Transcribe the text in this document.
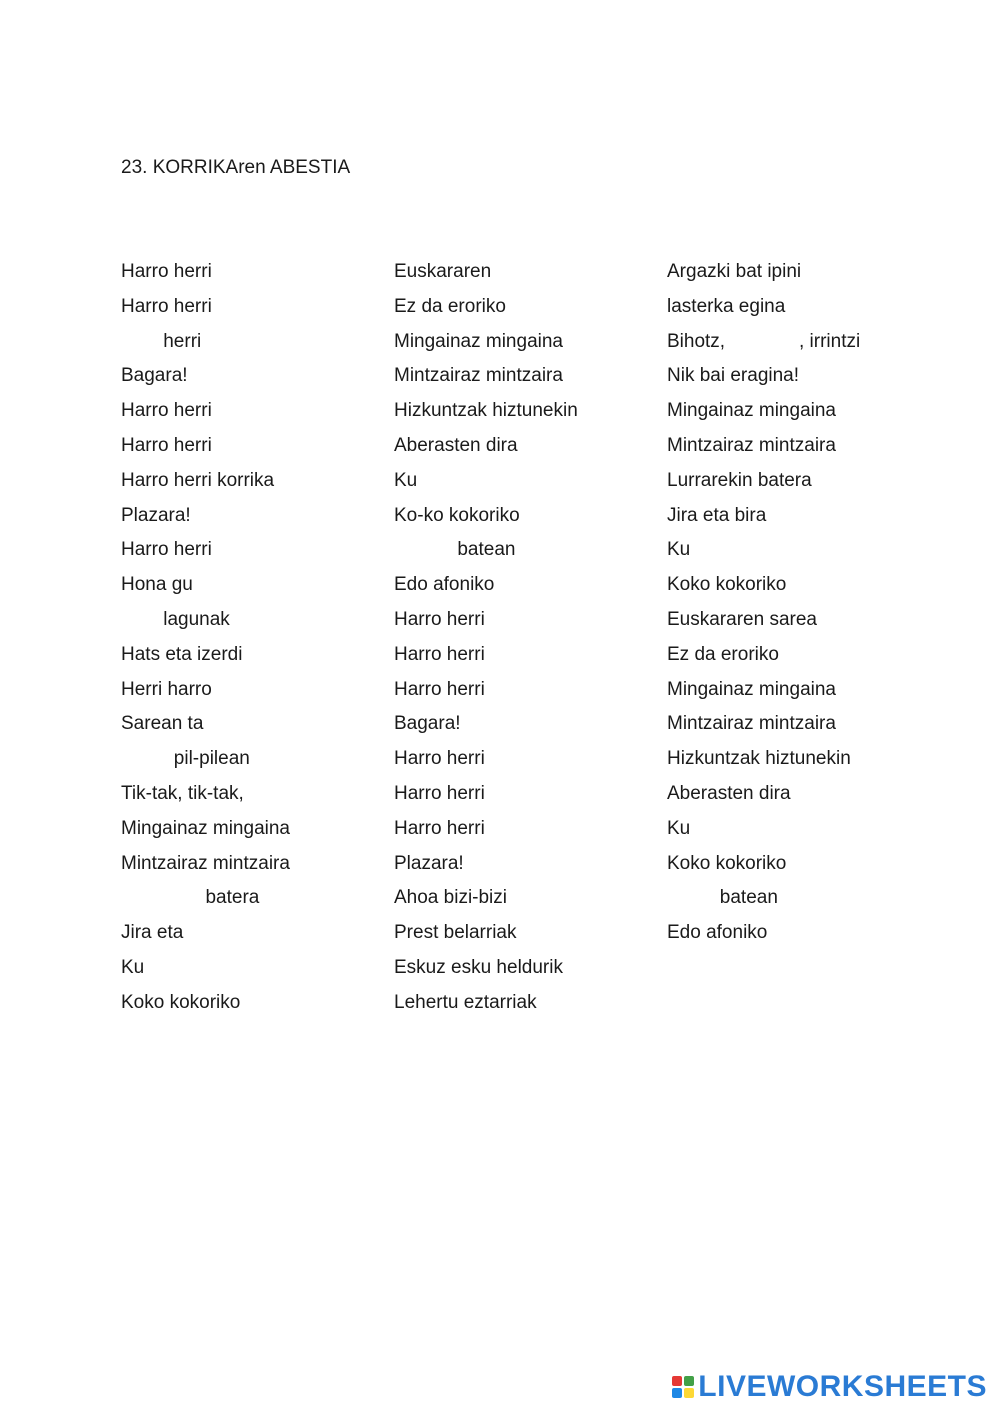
23. KORRIKAren ABESTIA
Harro herri
Harro herri
herri
Bagara!
Harro herri
Harro herri
Harro herri korrika
Plazara!
Harro herri
Hona gu
lagunak
Hats eta izerdi
Herri harro
Sarean ta
pil-pilean
Tik-tak, tik-tak,
Mingainaz mingaina
Mintzairaz mintzaira
batera
Jira eta
Ku
Koko kokoriko
Euskararen
Ez da eroriko
Mingainaz mingaina
Mintzairaz mintzaira
Hizkuntzak hiztunekin
Aberasten dira
Ku
Ko-ko kokoriko
batean
Edo afoniko
Harro herri
Harro herri
Harro herri
Bagara!
Harro herri
Harro herri
Harro herri
Plazara!
Ahoa bizi-bizi
Prest belarriak
Eskuz esku heldurik
Lehertu eztarriak
Argazki bat ipini
lasterka egina
Bihotz,              , irrintzi
Nik bai eragina!
Mingainaz mingaina
Mintzairaz mintzaira
Lurrarekin batera
Jira eta bira
Ku
Koko kokoriko
Euskararen sarea
Ez da eroriko
Mingainaz mingaina
Mintzairaz mintzaira
Hizkuntzak hiztunekin
Aberasten dira
Ku
Koko kokoriko
batean
Edo afoniko
LIVEWORKSHEETS
